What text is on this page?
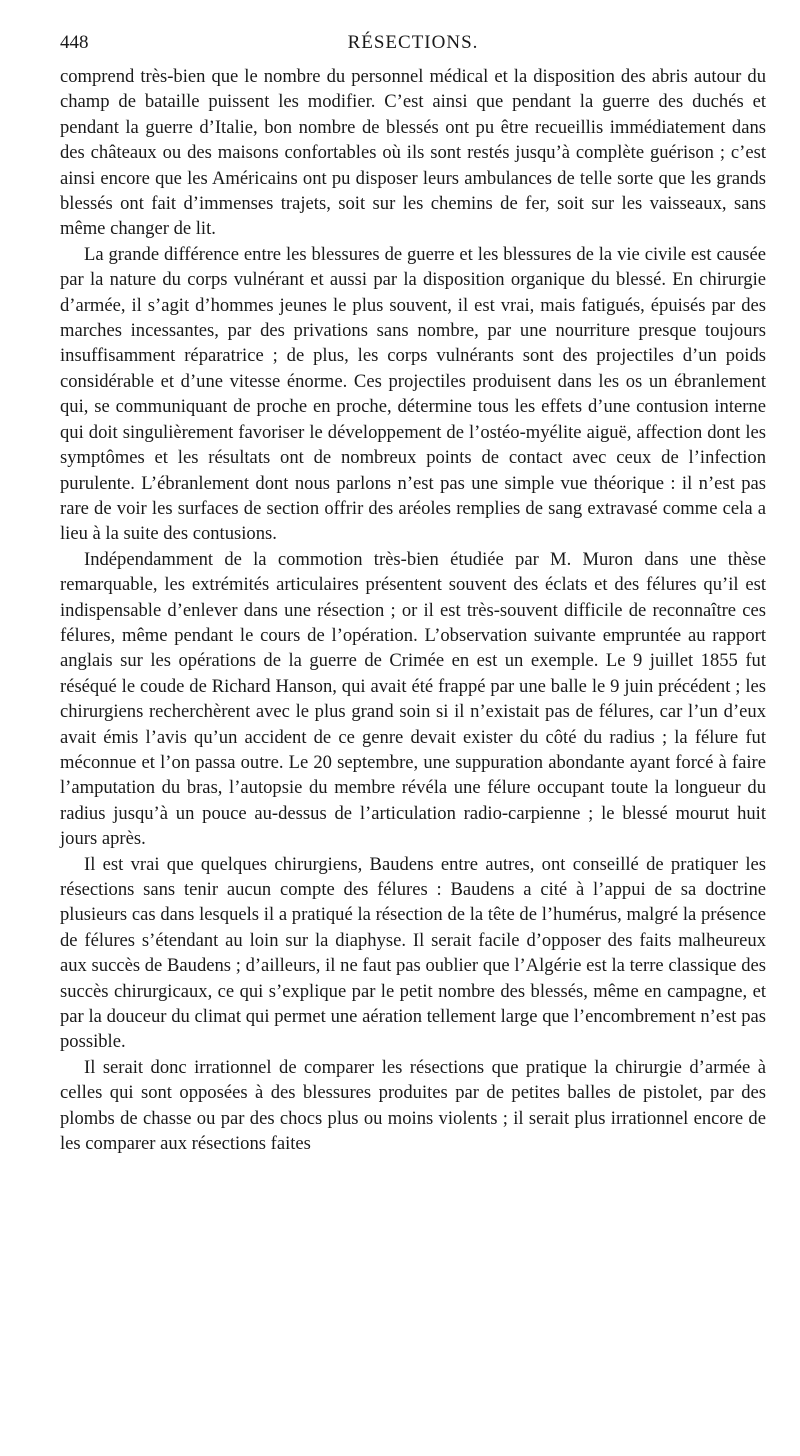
448	RÉSECTIONS.

comprend très-bien que le nombre du personnel médical et la disposition des abris autour du champ de bataille puissent les modifier. C’est ainsi que pendant la guerre des duchés et pendant la guerre d’Italie, bon nombre de blessés ont pu être recueillis immédiatement dans des châteaux ou des maisons confortables où ils sont restés jusqu’à complète guérison ; c’est ainsi encore que les Américains ont pu disposer leurs ambulances de telle sorte que les grands blessés ont fait d’immenses trajets, soit sur les chemins de fer, soit sur les vaisseaux, sans même changer de lit.

La grande différence entre les blessures de guerre et les blessures de la vie civile est causée par la nature du corps vulnérant et aussi par la disposition organique du blessé. En chirurgie d’armée, il s’agit d’hommes jeunes le plus souvent, il est vrai, mais fatigués, épuisés par des marches incessantes, par des privations sans nombre, par une nourriture presque toujours insuffisamment réparatrice ; de plus, les corps vulnérants sont des projectiles d’un poids considérable et d’une vitesse énorme. Ces projectiles produisent dans les os un ébranlement qui, se communiquant de proche en proche, détermine tous les effets d’une contusion interne qui doit singulièrement favoriser le développement de l’ostéo-myélite aiguë, affection dont les symptômes et les résultats ont de nombreux points de contact avec ceux de l’infection purulente. L’ébranlement dont nous parlons n’est pas une simple vue théorique : il n’est pas rare de voir les surfaces de section offrir des aréoles remplies de sang extravasé comme cela a lieu à la suite des contusions.

Indépendamment de la commotion très-bien étudiée par M. Muron dans une thèse remarquable, les extrémités articulaires présentent souvent des éclats et des félures qu’il est indispensable d’enlever dans une résection ; or il est très-souvent difficile de reconnaître ces félures, même pendant le cours de l’opération. L’observation suivante empruntée au rapport anglais sur les opérations de la guerre de Crimée en est un exemple. Le 9 juillet 1855 fut réséqué le coude de Richard Hanson, qui avait été frappé par une balle le 9 juin précédent ; les chirurgiens recherchèrent avec le plus grand soin si il n’existait pas de félures, car l’un d’eux avait émis l’avis qu’un accident de ce genre devait exister du côté du radius ; la félure fut méconnue et l’on passa outre. Le 20 septembre, une suppuration abondante ayant forcé à faire l’amputation du bras, l’autopsie du membre révéla une félure occupant toute la longueur du radius jusqu’à un pouce au-dessus de l’articulation radio-carpienne ; le blessé mourut huit jours après.

Il est vrai que quelques chirurgiens, Baudens entre autres, ont conseillé de pratiquer les résections sans tenir aucun compte des félures : Baudens a cité à l’appui de sa doctrine plusieurs cas dans lesquels il a pratiqué la résection de la tête de l’humérus, malgré la présence de félures s’étendant au loin sur la diaphyse. Il serait facile d’opposer des faits malheureux aux succès de Baudens ; d’ailleurs, il ne faut pas oublier que l’Algérie est la terre classique des succès chirurgicaux, ce qui s’explique par le petit nombre des blessés, même en campagne, et par la douceur du climat qui permet une aération tellement large que l’encombrement n’est pas possible.

Il serait donc irrationnel de comparer les résections que pratique la chirurgie d’armée à celles qui sont opposées à des blessures produites par de petites balles de pistolet, par des plombs de chasse ou par des chocs plus ou moins violents ; il serait plus irrationnel encore de les comparer aux résections faites
